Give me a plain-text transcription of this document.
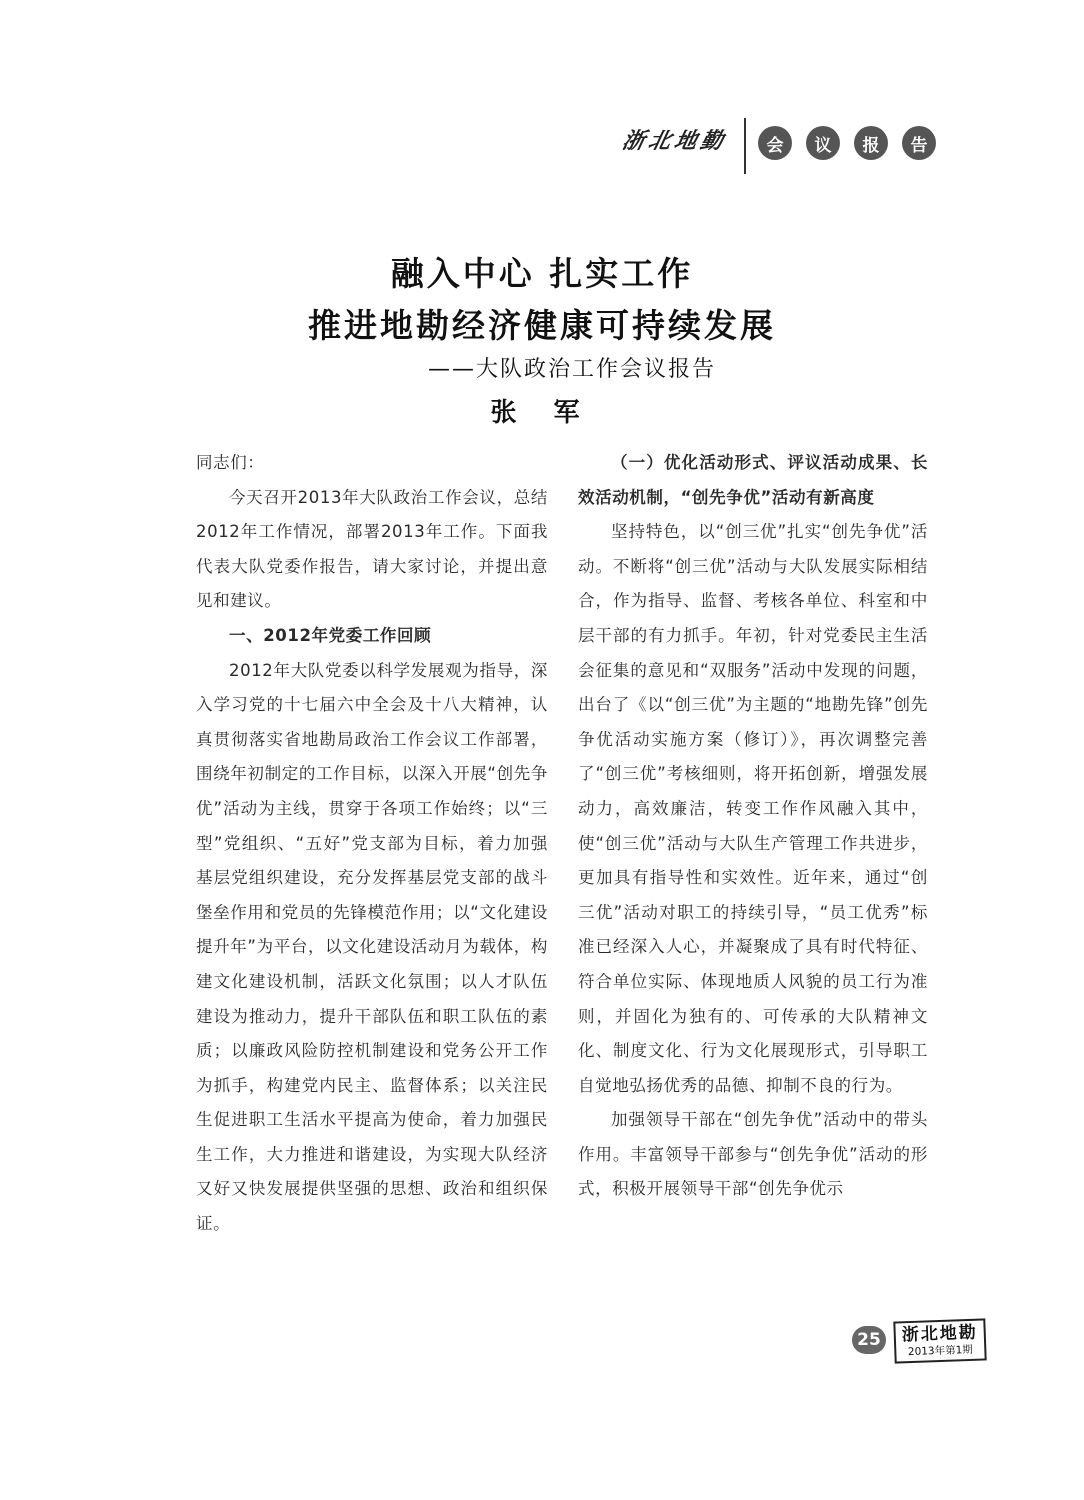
浙北地勤	会	议	报	告
融入中心 扎实工作
推进地勘经济健康可持续发展
——大队政治工作会议报告
张 军

同志们：

今天召开2013年大队政治工作会议，总结2012年工作情况，部署2013年工作。下面我代表大队党委作报告，请大家讨论，并提出意见和建议。

一、2012年党委工作回顾

2012年大队党委以科学发展观为指导，深入学习党的十七届六中全会及十八大精神，认真贯彻落实省地勘局政治工作会议工作部署，围绕年初制定的工作目标，以深入开展“创先争优”活动为主线，贯穿于各项工作始终；以“三型”党组织、“五好”党支部为目标，着力加强基层党组织建设，充分发挥基层党支部的战斗堡垒作用和党员的先锋模范作用；以“文化建设提升年”为平台，以文化建设活动月为载体，构建文化建设机制，活跃文化氛围；以人才队伍建设为推动力，提升干部队伍和职工队伍的素质；以廉政风险防控机制建设和党务公开工作为抓手，构建党内民主、监督体系；以关注民生促进职工生活水平提高为使命，着力加强民生工作，大力推进和谐建设，为实现大队经济又好又快发展提供坚强的思想、政治和组织保证。

（一）优化活动形式、评议活动成果、长效活动机制，“创先争优”活动有新高度

坚持特色，以“创三优”扎实“创先争优”活动。不断将“创三优”活动与大队发展实际相结合，作为指导、监督、考核各单位、科室和中层干部的有力抓手。年初，针对党委民主生活会征集的意见和“双服务”活动中发现的问题，出台了《以“创三优”为主题的“地勘先锋”创先争优活动实施方案（修订）》，再次调整完善了“创三优”考核细则，将开拓创新，增强发展动力，高效廉洁，转变工作作风融入其中，使“创三优”活动与大队生产管理工作共进步，更加具有指导性和实效性。近年来，通过“创三优”活动对职工的持续引导，“员工优秀”标准已经深入人心，并凝聚成了具有时代特征、符合单位实际、体现地质人风貌的员工行为准则，并固化为独有的、可传承的大队精神文化、制度文化、行为文化展现形式，引导职工自觉地弘扬优秀的品德、抑制不良的行为。

加强领导干部在“创先争优”活动中的带头作用。丰富领导干部参与“创先争优”活动的形式，积极开展领导干部“创先争优示

25	浙北地勘
2013年第1期
